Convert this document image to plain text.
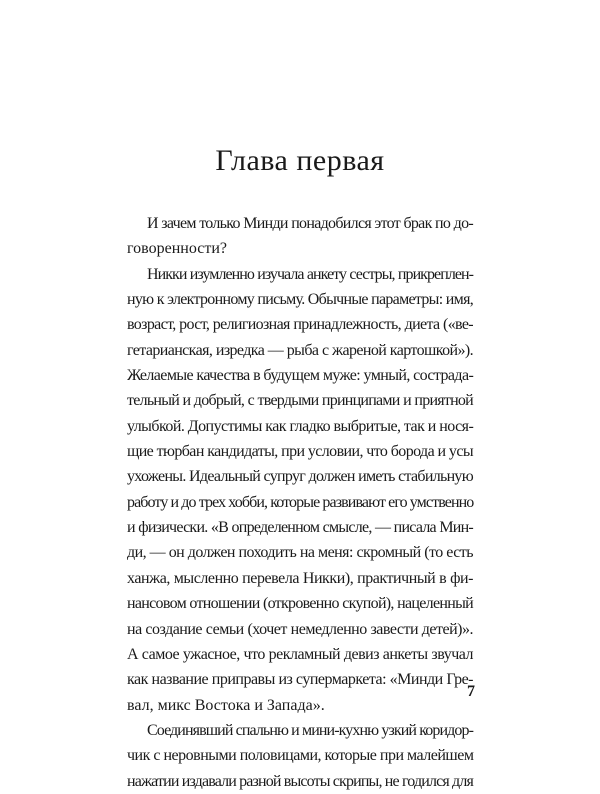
Глава первая
И зачем только Минди понадобился этот брак по до-
говоренности?
Никки изумленно изучала анкету сестры, прикреплен-
ную к электронному письму. Обычные параметры: имя,
возраст, рост, религиозная принадлежность, диета («ве-
гетарианская, изредка — рыба с жареной картошкой»).
Желаемые качества в будущем муже: умный, сострада-
тельный и добрый, с твердыми принципами и приятной
улыбкой. Допустимы как гладко выбритые, так и нося-
щие тюрбан кандидаты, при условии, что борода и усы
ухожены. Идеальный супруг должен иметь стабильную
работу и до трех хобби, которые развивают его умственно
и физически. «В определенном смысле, — писала Мин-
ди, — он должен походить на меня: скромный (то есть
ханжа, мысленно перевела Никки), практичный в фи-
нансовом отношении (откровенно скупой), нацеленный
на создание семьи (хочет немедленно завести детей)».
А самое ужасное, что рекламный девиз анкеты звучал
как название приправы из супермаркета: «Минди Гре-
вал, микс Востока и Запада».
Соединявший спальню и мини-кухню узкий коридор-
чик с неровными половицами, которые при малейшем
нажатии издавали разной высоты скрипы, не годился для
7
